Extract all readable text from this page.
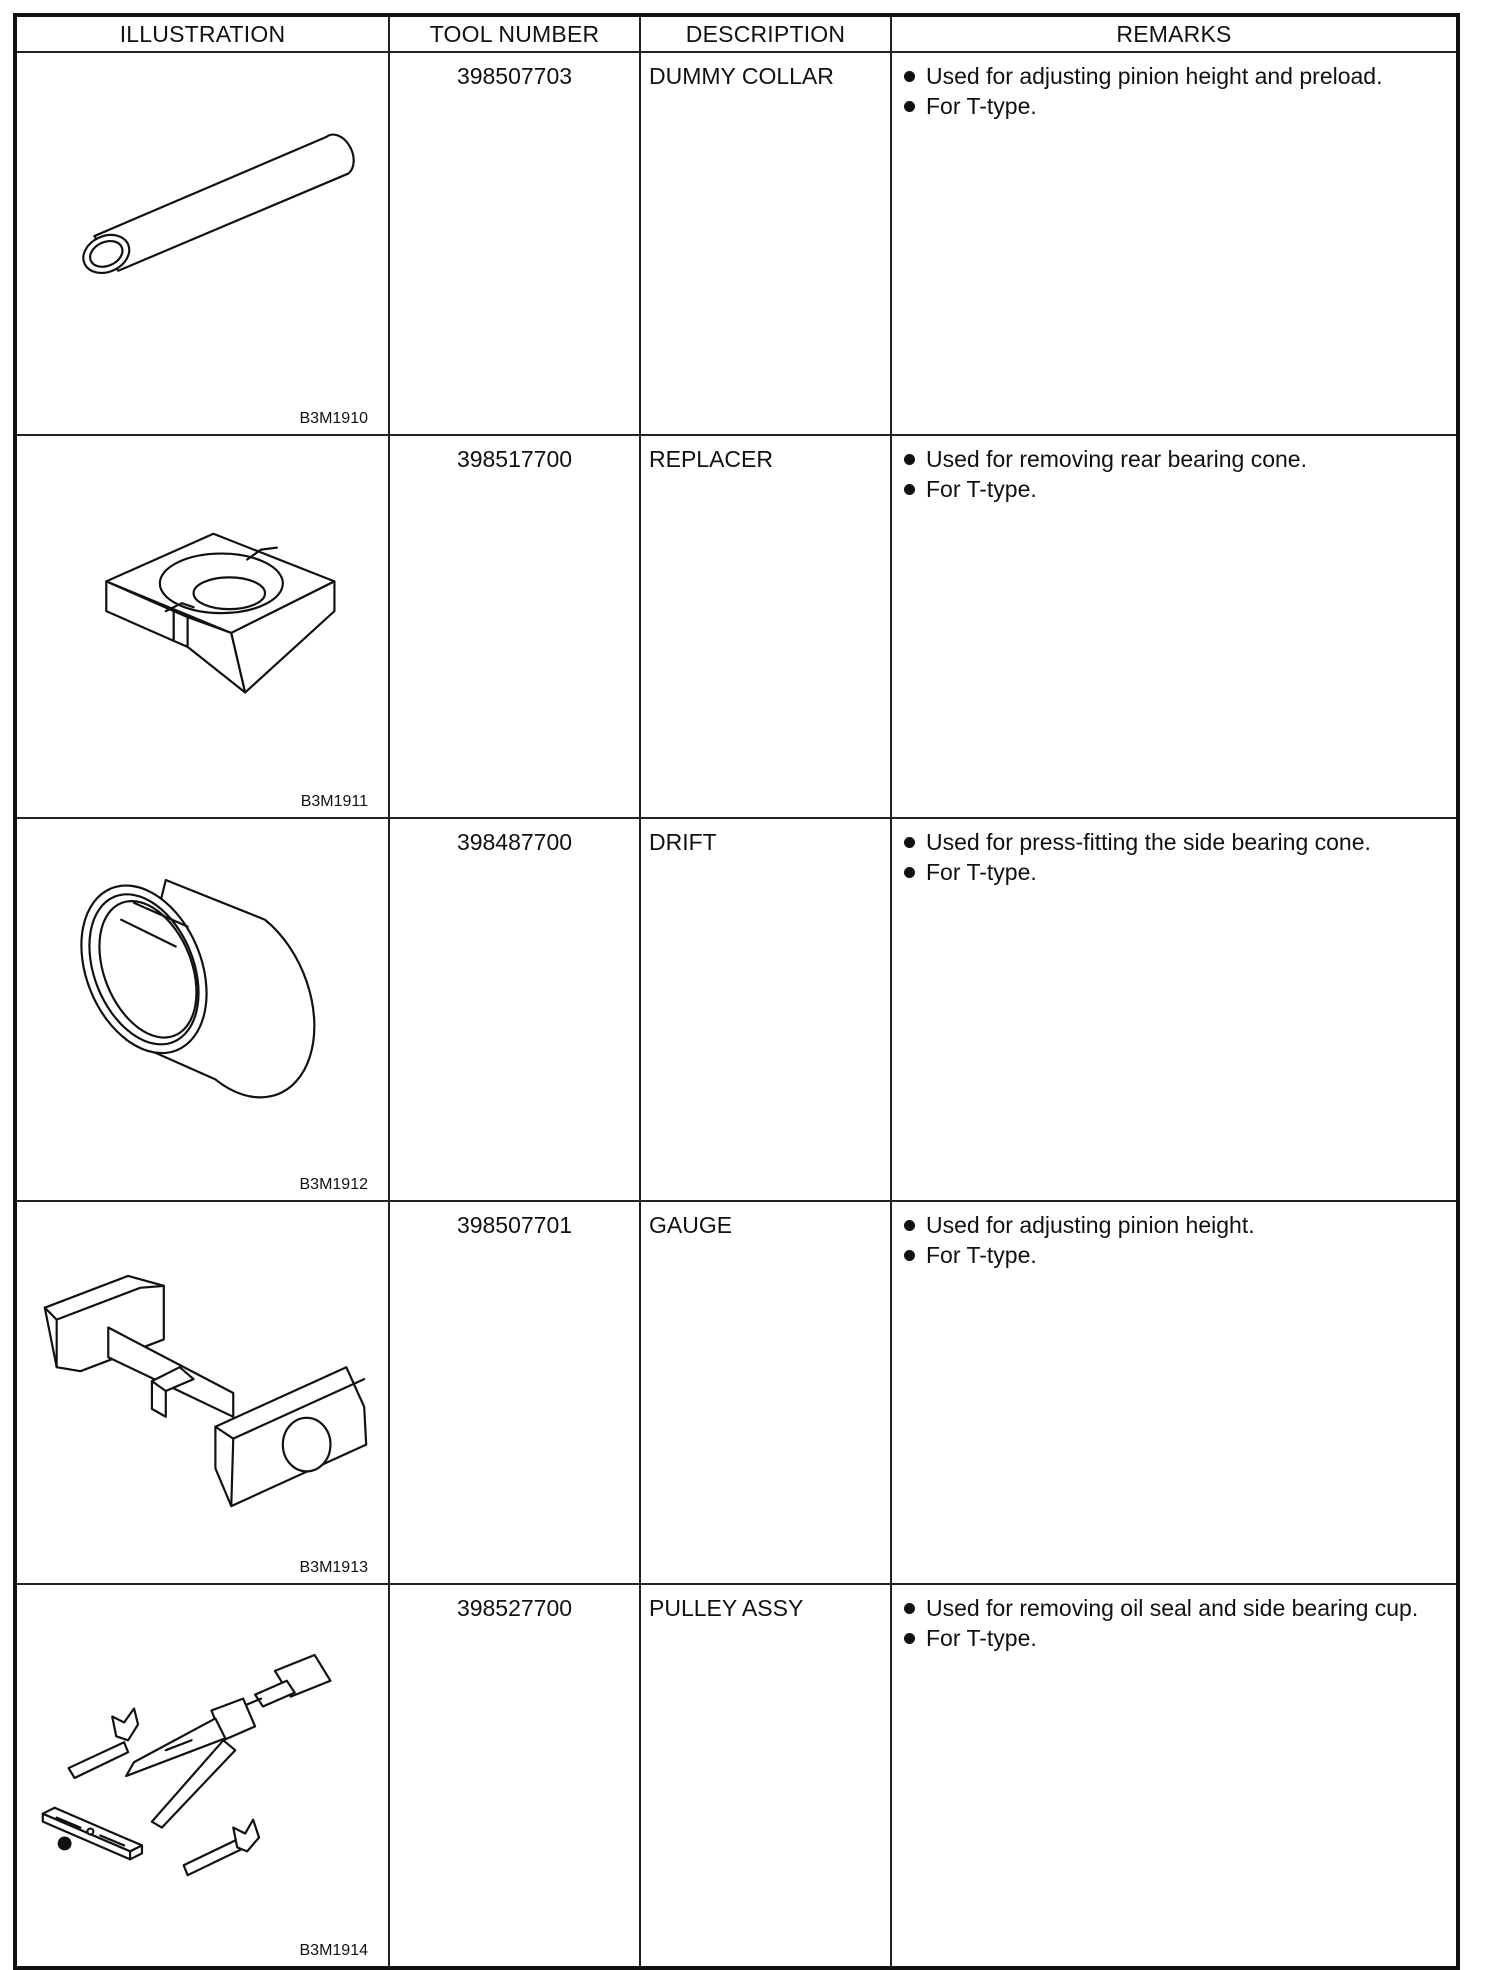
ILLUSTRATION	TOOL NUMBER	DESCRIPTION	REMARKS

B3M1910	398507703	DUMMY COLLAR	Used for adjusting pinion height and preload.
For T-type.

B3M1911	398517700	REPLACER	Used for removing rear bearing cone.
For T-type.

B3M1912	398487700	DRIFT	Used for press-fitting the side bearing cone.
For T-type.

B3M1913	398507701	GAUGE	Used for adjusting pinion height.
For T-type.

B3M1914	398527700	PULLEY ASSY	Used for removing oil seal and side bearing cup.
For T-type.
